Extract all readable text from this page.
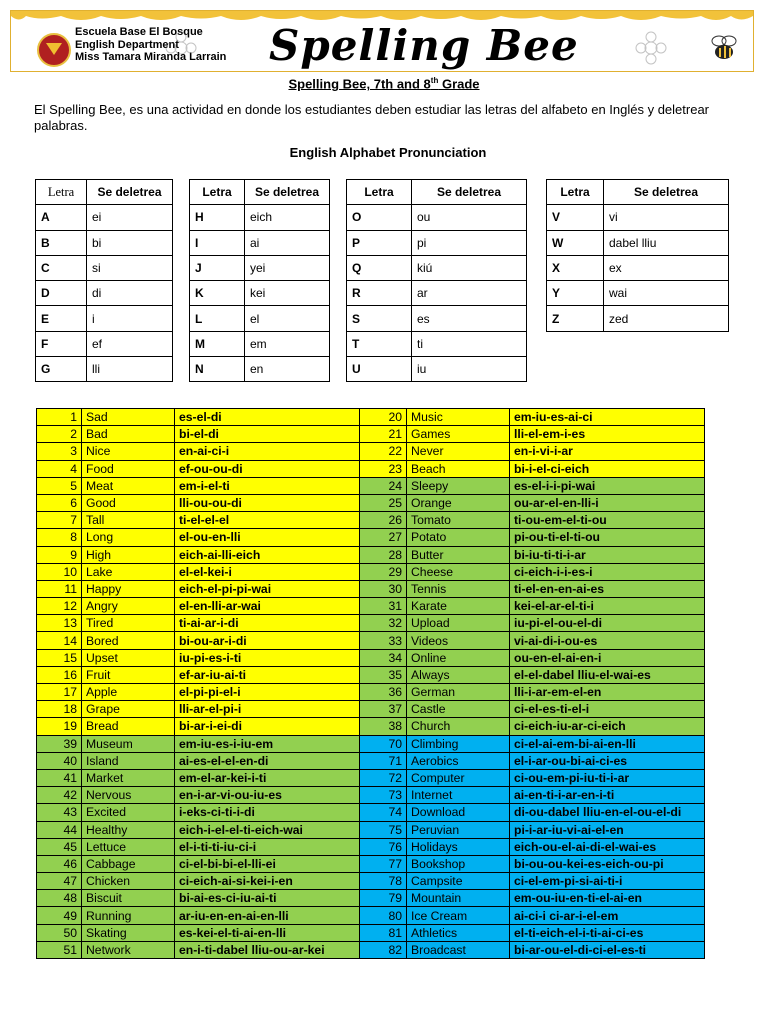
Escuela Base El Bosque
English Department
Miss Tamara Miranda Larrain Spelling Bee
Spelling Bee, 7th and 8th Grade
El Spelling Bee, es una actividad en donde los estudiantes deben estudiar las letras del alfabeto en Inglés y deletrear palabras.
English Alphabet Pronunciation
Letra	Se deletrea
A	ei
B	bi
C	si
D	di
E	i
F	ef
G	lli
Letra	Se deletrea
H	eich
I	ai
J	yei
K	kei
L	el
M	em
N	en
Letra	Se deletrea
O	ou
P	pi
Q	kiú
R	ar
S	es
T	ti
U	iu
Letra	Se deletrea
V	vi
W	dabel lliu
X	ex
Y	wai
Z	zed
1	Sad	es-el-di	20	Music	em-iu-es-ai-ci
2	Bad	bi-el-di	21	Games	lli-el-em-i-es
3	Nice	en-ai-ci-i	22	Never	en-i-vi-i-ar
4	Food	ef-ou-ou-di	23	Beach	bi-i-el-ci-eich
5	Meat	em-i-el-ti	24	Sleepy	es-el-i-i-pi-wai
6	Good	lli-ou-ou-di	25	Orange	ou-ar-el-en-lli-i
7	Tall	ti-el-el-el	26	Tomato	ti-ou-em-el-ti-ou
8	Long	el-ou-en-lli	27	Potato	pi-ou-ti-el-ti-ou
9	High	eich-ai-lli-eich	28	Butter	bi-iu-ti-ti-i-ar
10	Lake	el-el-kei-i	29	Cheese	ci-eich-i-i-es-i
11	Happy	eich-el-pi-pi-wai	30	Tennis	ti-el-en-en-ai-es
12	Angry	el-en-lli-ar-wai	31	Karate	kei-el-ar-el-ti-i
13	Tired	ti-ai-ar-i-di	32	Upload	iu-pi-el-ou-el-di
14	Bored	bi-ou-ar-i-di	33	Videos	vi-ai-di-i-ou-es
15	Upset	iu-pi-es-i-ti	34	Online	ou-en-el-ai-en-i
16	Fruit	ef-ar-iu-ai-ti	35	Always	el-el-dabel lliu-el-wai-es
17	Apple	el-pi-pi-el-i	36	German	lli-i-ar-em-el-en
18	Grape	lli-ar-el-pi-i	37	Castle	ci-el-es-ti-el-i
19	Bread	bi-ar-i-ei-di	38	Church	ci-eich-iu-ar-ci-eich
39	Museum	em-iu-es-i-iu-em	70	Climbing	ci-el-ai-em-bi-ai-en-lli
40	Island	ai-es-el-el-en-di	71	Aerobics	el-i-ar-ou-bi-ai-ci-es
41	Market	em-el-ar-kei-i-ti	72	Computer	ci-ou-em-pi-iu-ti-i-ar
42	Nervous	en-i-ar-vi-ou-iu-es	73	Internet	ai-en-ti-i-ar-en-i-ti
43	Excited	i-eks-ci-ti-i-di	74	Download	di-ou-dabel lliu-en-el-ou-el-di
44	Healthy	eich-i-el-el-ti-eich-wai	75	Peruvian	pi-i-ar-iu-vi-ai-el-en
45	Lettuce	el-i-ti-ti-iu-ci-i	76	Holidays	eich-ou-el-ai-di-el-wai-es
46	Cabbage	ci-el-bi-bi-el-lli-ei	77	Bookshop	bi-ou-ou-kei-es-eich-ou-pi
47	Chicken	ci-eich-ai-si-kei-i-en	78	Campsite	ci-el-em-pi-si-ai-ti-i
48	Biscuit	bi-ai-es-ci-iu-ai-ti	79	Mountain	em-ou-iu-en-ti-el-ai-en
49	Running	ar-iu-en-en-ai-en-lli	80	Ice Cream	ai-ci-i ci-ar-i-el-em
50	Skating	es-kei-el-ti-ai-en-lli	81	Athletics	el-ti-eich-el-i-ti-ai-ci-es
51	Network	en-i-ti-dabel lliu-ou-ar-kei	82	Broadcast	bi-ar-ou-el-di-ci-el-es-ti
